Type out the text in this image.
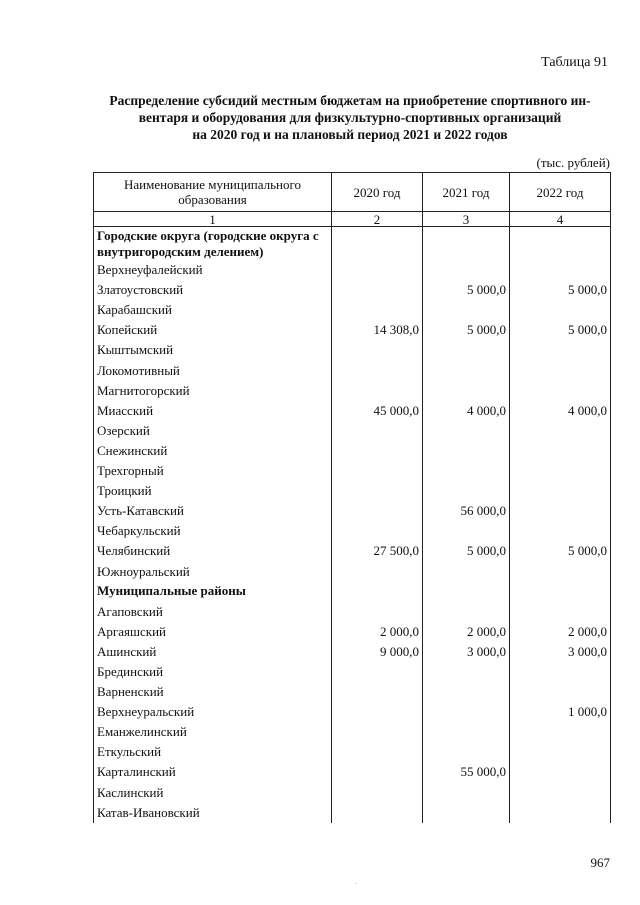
Таблица 91
Распределение субсидий местным бюджетам на приобретение спортивного ин-
вентаря и оборудования для физкультурно-спортивных организаций
на 2020 год и на плановый период 2021 и 2022 годов
(тыс. рублей)
Наименование муниципального образования	2020 год	2021 год	2022 год
1	2	3	4
Городские округа (городские округа с внутригородским делением)			
Верхнеуфалейский			
Златоустовский		5 000,0	5 000,0
Карабашский			
Копейский	14 308,0	5 000,0	5 000,0
Кыштымский			
Локомотивный			
Магнитогорский			
Миасский	45 000,0	4 000,0	4 000,0
Озерский			
Снежинский			
Трехгорный			
Троицкий			
Усть-Катавский		56 000,0	
Чебаркульский			
Челябинский	27 500,0	5 000,0	5 000,0
Южноуральский			
Муниципальные районы			
Агаповский			
Аргаяшский	2 000,0	2 000,0	2 000,0
Ашинский	9 000,0	3 000,0	3 000,0
Брединский			
Варненский			
Верхнеуральский			1 000,0
Еманжелинский			
Еткульский			
Карталинский		55 000,0	
Каслинский			
Катав-Ивановский			
967
.
